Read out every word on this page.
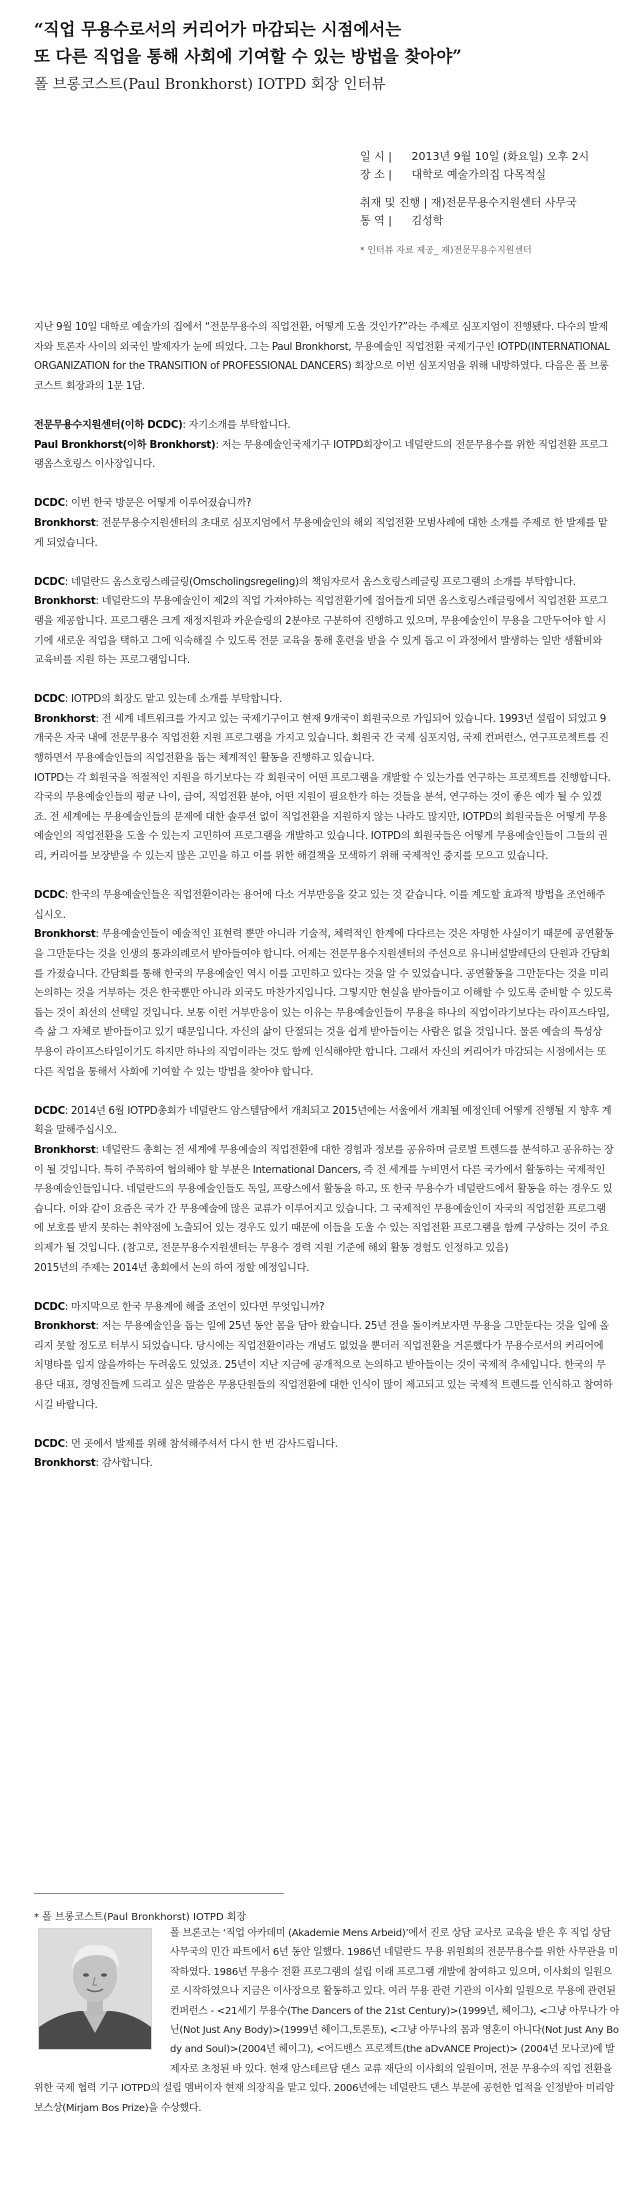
“직업 무용수로서의 커리어가 마감되는 시점에서는
또 다른 직업을 통해 사회에 기여할 수 있는 방법을 찾아야”
폴 브롱코스트(Paul Bronkhorst) IOTPD 회장 인터뷰
일 시 | 2013년 9월 10일 (화요일) 오후 2시
장 소 | 대학로 예술가의집 다목적실
취재 및 진행 | 재)전문무용수지원센터 사무국
통 역 | 김성학
* 인터뷰 자료 제공_ 재)전문무용수지원센터

지난 9월 10일 대학로 예술가의 집에서 “전문무용수의 직업전환, 어떻게 도울 것인가?”라는 주제로 심포지엄이 진행됐다. 다수의 발제자와 토론자 사이의 외국인 발제자가 눈에 띄었다. 그는 Paul Bronkhorst, 무용예술인 직업전환 국제기구인 IOTPD(INTERNATIONAL ORGANIZATION for the TRANSITION of PROFESSIONAL DANCERS) 회장으로 이번 심포지엄을 위해 내방하였다. 다음은 폴 브롱코스트 회장과의 1문 1답.

전문무용수지원센터(이하 DCDC): 자기소개를 부탁합니다.
Paul Bronkhorst(이하 Bronkhorst): 저는 무용예술인국제기구 IOTPD회장이고 네덜란드의 전문무용수를 위한 직업전환 프로그램옴스호링스 이사장입니다.

DCDC: 이번 한국 방문은 어떻게 이루어졌습니까?
Bronkhorst: 전문무용수지원센터의 초대로 심포지엄에서 무용예술인의 해외 직업전환 모범사례에 대한 소개를 주제로 한 발제를 맡게 되었습니다.

DCDC: 네덜란드 옴스호링스레글링(Omscholingsregeling)의 책임자로서 옴스호링스레글링 프로그램의 소개를 부탁합니다.
Bronkhorst: 네덜란드의 무용예술인이 제2의 직업 가져야하는 직업전환기에 접어들게 되면 옴스호링스레글링에서 직업전환 프로그램을 제공합니다. 프로그램은 크게 재정지원과 카운슬링의 2분야로 구분하여 진행하고 있으며, 무용예술인이 무용을 그만두어야 할 시기에 새로운 직업을 택하고 그에 익숙해질 수 있도록 전문 교육을 통해 훈련을 받을 수 있게 돕고 이 과정에서 발생하는 일반 생활비와 교육비를 지원 하는 프로그램입니다.

DCDC: IOTPD의 회장도 맡고 있는데 소개를 부탁합니다.
Bronkhorst: 전 세계 네트워크를 가지고 있는 국제기구이고 현재 9개국이 회원국으로 가입되어 있습니다. 1993년 설립이 되었고 9개국은 자국 내에 전문무용수 직업전환 지원 프로그램을 가지고 있습니다. 회원국 간 국제 심포지엄, 국제 컨퍼런스, 연구프로젝트를 진행하면서 무용예술인들의 직업전환을 돕는 체계적인 활동을 진행하고 있습니다.
IOTPD는 각 회원국을 적절적인 지원을 하기보다는 각 회원국이 어떤 프로그램을 개발할 수 있는가를 연구하는 프로젝트를 진행합니다. 각국의 무용예술인들의 평균 나이, 급여, 직업전환 분야, 어떤 지원이 필요한가 하는 것들을 분석, 연구하는 것이 좋은 예가 될 수 있겠죠. 전 세계에는 무용예술인들의 문제에 대한 솔루션 없이 직업전환을 지원하지 않는 나라도 많지만, IOTPD의 회원국들은 어떻게 무용예술인의 직업전환을 도울 수 있는지 고민하여 프로그램을 개발하고 있습니다. IOTPD의 회원국들은 어떻게 무용예술인들이 그들의 권리, 커리어를 보장받을 수 있는지 많은 고민을 하고 이를 위한 해결책을 모색하기 위해 국제적인 중지를 모으고 있습니다.

DCDC: 한국의 무용예술인들은 직업전환이라는 용어에 다소 거부반응을 갖고 있는 것 같습니다. 이를 계도할 효과적 방법을 조언해주십시오.
Bronkhorst: 무용예술인들이 예술적인 표현력 뿐만 아니라 기술적, 체력적인 한계에 다다르는 것은 자명한 사실이기 때문에 공연활동을 그만둔다는 것을 인생의 통과의례로서 받아들여야 합니다. 어제는 전문무용수지원센터의 주선으로 유니버설발레단의 단원과 간담회를 가졌습니다. 간담회를 통해 한국의 무용예술인 역시 이를 고민하고 있다는 것을 알 수 있었습니다. 공연활동을 그만둔다는 것을 미리 논의하는 것을 거부하는 것은 한국뿐만 아니라 외국도 마찬가지입니다. 그렇지만 현실을 받아들이고 이해할 수 있도록 준비할 수 있도록 돕는 것이 최선의 선택일 것입니다. 보통 이런 거부반응이 있는 이유는 무용예술인들이 무용을 하나의 직업이라기보다는 라이프스타일, 즉 삶 그 자체로 받아들이고 있기 때문입니다. 자신의 삶이 단절되는 것을 쉽게 받아들이는 사람은 없을 것입니다. 물론 예술의 특성상 무용이 라이프스타일이기도 하지만 하나의 직업이라는 것도 함께 인식해야만 합니다. 그래서 자신의 커리어가 마감되는 시점에서는 또 다른 직업을 통해서 사회에 기여할 수 있는 방법을 찾아야 합니다.

DCDC: 2014년 6월 IOTPD총회가 네덜란드 암스텔담에서 개최되고 2015년에는 서울에서 개최될 예정인데 어떻게 진행될 지 향후 계획을 말해주십시오.
Bronkhorst: 네덜란드 총회는 전 세계에 무용예술의 직업전환에 대한 경험과 정보를 공유하며 글로벌 트렌드를 분석하고 공유하는 장이 될 것입니다. 특히 주목하여 협의해야 할 부분은 International Dancers, 즉 전 세계를 누비면서 다른 국가에서 활동하는 국제적인 무용예술인들입니다. 네덜란드의 무용예술인들도 독일, 프랑스에서 활동을 하고, 또 한국 무용수가 네덜란드에서 활동을 하는 경우도 있습니다. 이와 같이 요즘은 국가 간 무용예술에 많은 교류가 이루어지고 있습니다. 그 국제적인 무용예술인이 자국의 직업전환 프로그램에 보호를 받지 못하는 취약점에 노출되어 있는 경우도 있기 때문에 이들을 도울 수 있는 직업전환 프로그램을 함께 구상하는 것이 주요 의제가 될 것입니다. (참고로, 전문무용수지원센터는 무용수 경력 지원 기준에 해외 활동 경험도 인정하고 있음)
2015년의 주제는 2014년 총회에서 논의 하여 정할 예정입니다.

DCDC: 마지막으로 한국 무용계에 해줄 조언이 있다면 무엇입니까?
Bronkhorst: 저는 무용예술인을 돕는 일에 25년 동안 몸을 담아 왔습니다. 25년 전을 돌이켜보자면 무용을 그만둔다는 것을 입에 올리지 못할 정도로 터부시 되었습니다. 당시에는 직업전환이라는 개념도 없었을 뿐더러 직업전환을 거론했다가 무용수로서의 커리어에 치명타를 입지 않을까하는 두려움도 있었죠. 25년이 지난 지금에 공개적으로 논의하고 받아들이는 것이 국제적 추세입니다. 한국의 무용단 대표, 경영진들께 드리고 싶은 말씀은 무용단원들의 직업전환에 대한 인식이 많이 제고되고 있는 국제적 트렌드를 인식하고 참여하시길 바랍니다.

DCDC: 먼 곳에서 발제를 위해 참석해주셔서 다시 한 번 감사드립니다.
Bronkhorst: 감사합니다.

* 폴 브롱코스트(Paul Bronkhorst) IOTPD 회장
폴 브론코는 ‘직업 아카데미 (Akademie Mens Arbeid)’에서 진로 상담 교사로 교육을 받은 후 직업 상담 사무국의 민간 파트에서 6년 동안 일했다. 1986년 네덜란드 무용 위원회의 전문무용수를 위한 사무관을 미작하였다. 1986년 무용수 전환 프로그램의 설립 이래 프로그램 개발에 참여하고 있으며, 이사회의 일원으로 시작하였으나 지금은 이사장으로 활동하고 있다. 여러 무용 관련 기관의 이사회 일원으로 무용에 관련된 컨퍼런스 - <21세기 무용수(The Dancers of the 21st Century)>(1999년, 헤이그), <그냥 아무나가 아닌(Not Just Any Body)>(1999년 헤이그,토론토), <그냥 아무나의 몸과 영혼이 아니다(Not Just Any Body and Soul)>(2004년 헤이그), <어드밴스 프로젝트(the aDvANCE Project)> (2004년 모나코)에 발제자로 초청된 바 있다. 현재 암스테르담 댄스 교류 재단의 이사회의 일원이며, 전문 무용수의 직업 전환을 위한 국제 협력 기구 IOTPD의 설립 멤버이자 현재 의장직을 맡고 있다. 2006년에는 네덜란드 댄스 부문에 공헌한 업적을 인정받아 미리암 보스상(Mirjam Bos Prize)을 수상했다.
